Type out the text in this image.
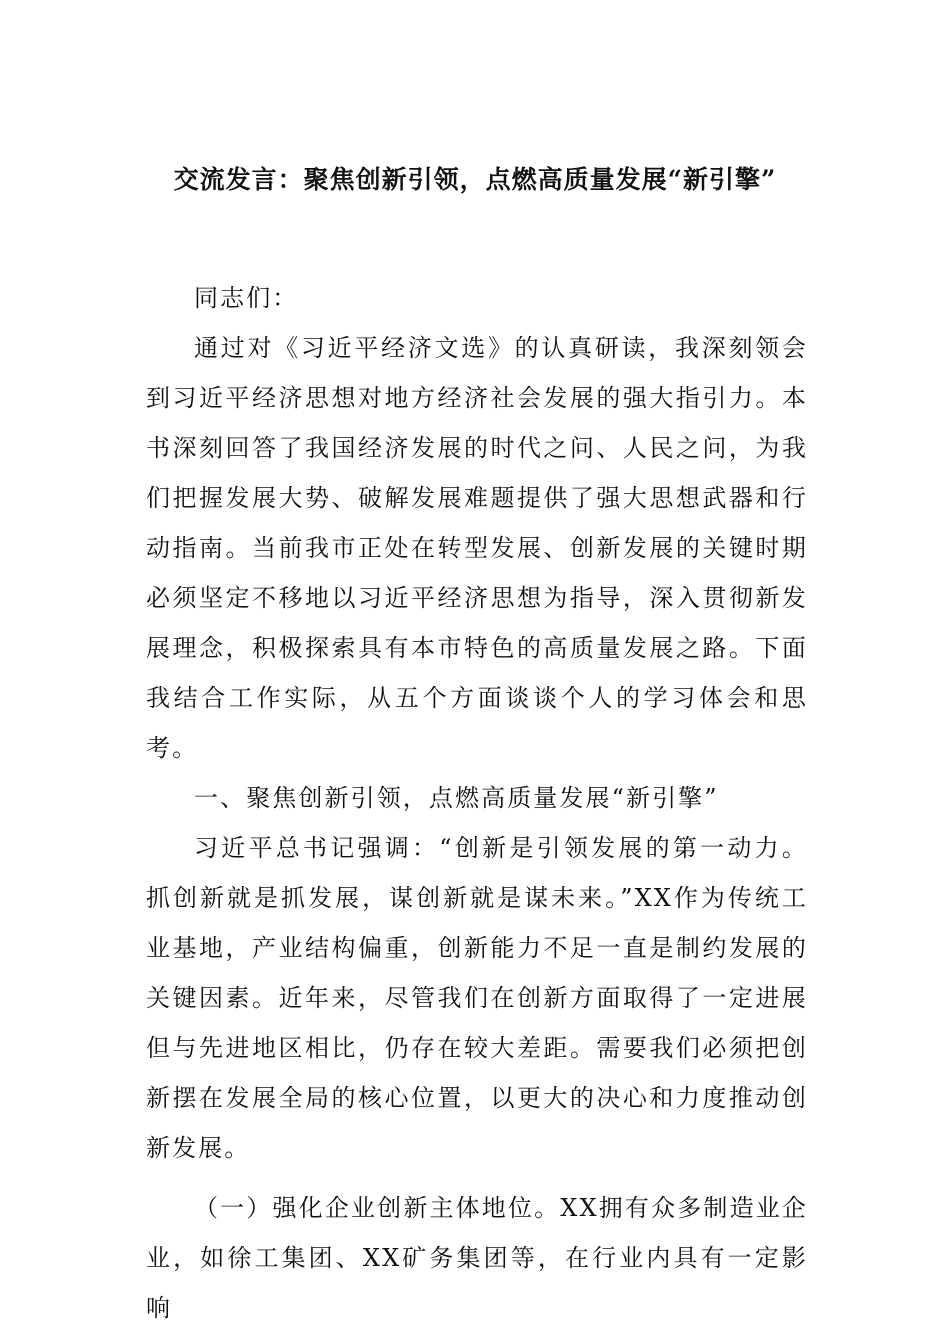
交流发言：聚焦创新引领，点燃高质量发展“新引擎”

同志们：

通过对《习近平经济文选》的认真研读，我深刻领会到习近平经济思想对地方经济社会发展的强大指引力。本书深刻回答了我国经济发展的时代之问、人民之问，为我们把握发展大势、破解发展难题提供了强大思想武器和行动指南。当前我市正处在转型发展、创新发展的关键时期必须坚定不移地以习近平经济思想为指导，深入贯彻新发展理念，积极探索具有本市特色的高质量发展之路。下面我结合工作实际，从五个方面谈谈个人的学习体会和思考。

一、聚焦创新引领，点燃高质量发展“新引擎”

习近平总书记强调：“创新是引领发展的第一动力。抓创新就是抓发展，谋创新就是谋未来。”XX作为传统工业基地，产业结构偏重，创新能力不足一直是制约发展的关键因素。近年来，尽管我们在创新方面取得了一定进展但与先进地区相比，仍存在较大差距。需要我们必须把创新摆在发展全局的核心位置，以更大的决心和力度推动创新发展。

（一）强化企业创新主体地位。XX拥有众多制造业企业，如徐工集团、XX矿务集团等，在行业内具有一定影响
